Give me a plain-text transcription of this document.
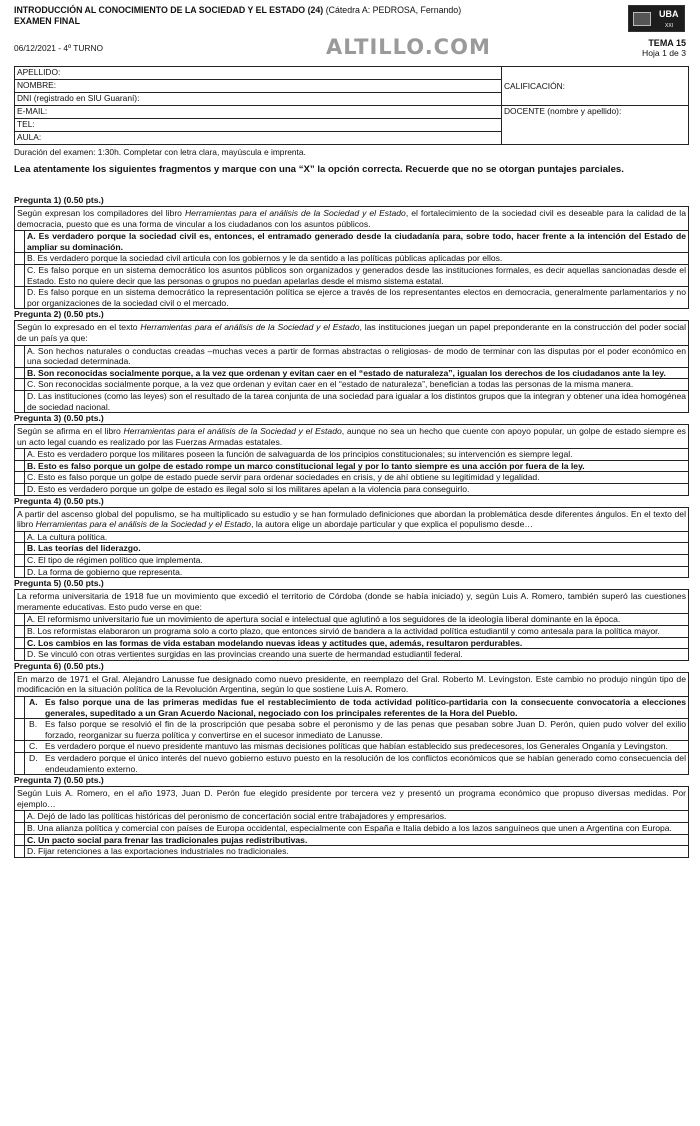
INTRODUCCIÓN AL CONOCIMIENTO DE LA SOCIEDAD Y EL ESTADO (24) (Cátedra A: PEDROSA, Fernando)
EXAMEN FINAL
06/12/2021 - 4º TURNO	ALTILLO.COM
UBA
XXI
TEMA 15
Hoja 1 de 3
APELLIDO:	CALIFICACIÓN:
NOMBRE:	
DNI (registrado en SIU Guaraní):	
E-MAIL:	DOCENTE (nombre y apellido):
TEL:	
AULA:	
Duración del examen: 1:30h. Completar con letra clara, mayúscula e imprenta.
Lea atentamente los siguientes fragmentos y marque con una “X” la opción correcta. Recuerde que no se otorgan puntajes parciales.
Pregunta 1) (0.50 pts.)
Según expresan los compiladores del libro Herramientas para el análisis de la Sociedad y el Estado, el fortalecimiento de la sociedad civil es deseable para la calidad de la democracia, puesto que es una forma de vincular a los ciudadanos con los asuntos públicos.
A. Es verdadero porque la sociedad civil es, entonces, el entramado generado desde la ciudadanía para, sobre todo, hacer frente a la intención del Estado de ampliar su dominación.
B. Es verdadero porque la sociedad civil articula con los gobiernos y le da sentido a las políticas públicas aplicadas por ellos.
C. Es falso porque en un sistema democrático los asuntos públicos son organizados y generados desde las instituciones formales, es decir aquellas sancionadas desde el Estado. Esto no quiere decir que las personas o grupos no puedan apelarlas desde el mismo sistema estatal.
D. Es falso porque en un sistema democrático la representación política se ejerce a través de los representantes electos en democracia, generalmente parlamentarios y no por organizaciones de la sociedad civil o el mercado.
Pregunta 2) (0.50 pts.)
Según lo expresado en el texto Herramientas para el análisis de la Sociedad y el Estado, las instituciones juegan un papel preponderante en la construcción del poder social de un país ya que:
A. Son hechos naturales o conductas creadas –muchas veces a partir de formas abstractas o religiosas- de modo de terminar con las disputas por el poder económico en una sociedad determinada.
B. Son reconocidas socialmente porque, a la vez que ordenan y evitan caer en el “estado de naturaleza”, igualan los derechos de los ciudadanos ante la ley.
C. Son reconocidas socialmente porque, a la vez que ordenan y evitan caer en el “estado de naturaleza”, benefician a todas las personas de la misma manera.
D. Las instituciones (como las leyes) son el resultado de la tarea conjunta de una sociedad para igualar a los distintos grupos que la integran y obtener una idea homogénea de sociedad nacional.
Pregunta 3) (0.50 pts.)
Según se afirma en el libro Herramientas para el análisis de la Sociedad y el Estado, aunque no sea un hecho que cuente con apoyo popular, un golpe de estado siempre es un acto legal cuando es realizado por las Fuerzas Armadas estatales.
A. Esto es verdadero porque los militares poseen la función de salvaguarda de los principios constitucionales; su intervención es siempre legal.
B. Esto es falso porque un golpe de estado rompe un marco constitucional legal y por lo tanto siempre es una acción por fuera de la ley.
C. Esto es falso porque un golpe de estado puede servir para ordenar sociedades en crisis, y de ahí obtiene su legitimidad y legalidad.
D. Esto es verdadero porque un golpe de estado es ilegal solo si los militares apelan a la violencia para conseguirlo.
Pregunta 4) (0.50 pts.)
A partir del ascenso global del populismo, se ha multiplicado su estudio y se han formulado definiciones que abordan la problemática desde diferentes ángulos. En el texto del libro Herramientas para el análisis de la Sociedad y el Estado, la autora elige un abordaje particular y que explica el populismo desde…
A. La cultura política.
B. Las teorías del liderazgo.
C. El tipo de régimen político que implementa.
D. La forma de gobierno que representa.
Pregunta 5) (0.50 pts.)
La reforma universitaria de 1918 fue un movimiento que excedió el territorio de Córdoba (donde se había iniciado) y, según Luis A. Romero, también superó las cuestiones meramente educativas. Esto pudo verse en que:
A. El reformismo universitario fue un movimiento de apertura social e intelectual que aglutinó a los seguidores de la ideología liberal dominante en la época.
B. Los reformistas elaboraron un programa solo a corto plazo, que entonces sirvió de bandera a la actividad política estudiantil y como antesala para la política mayor.
C. Los cambios en las formas de vida estaban modelando nuevas ideas y actitudes que, además, resultaron perdurables.
D. Se vinculó con otras vertientes surgidas en las provincias creando una suerte de hermandad estudiantil federal.
Pregunta 6) (0.50 pts.)
En marzo de 1971 el Gral. Alejandro Lanusse fue designado como nuevo presidente, en reemplazo del Gral. Roberto M. Levingston. Este cambio no produjo ningún tipo de modificación en la situación política de la Revolución Argentina, según lo que sostiene Luis A. Romero.
A. Es falso porque una de las primeras medidas fue el restablecimiento de toda actividad político-partidaria con la consecuente convocatoria a elecciones generales, supeditado a un Gran Acuerdo Nacional, negociado con los principales referentes de la Hora del Pueblo.
B. Es falso porque se resolvió el fin de la proscripción que pesaba sobre el peronismo y de las penas que pesaban sobre Juan D. Perón, quien pudo volver del exilio forzado, reorganizar su fuerza política y convertirse en el sucesor inmediato de Lanusse.
C. Es verdadero porque el nuevo presidente mantuvo las mismas decisiones políticas que habían establecido sus predecesores, los Generales Onganía y Levingston.
D. Es verdadero porque el único interés del nuevo gobierno estuvo puesto en la resolución de los conflictos económicos que se habían generado como consecuencia del endeudamiento externo.
Pregunta 7) (0.50 pts.)
Según Luis A. Romero, en el año 1973, Juan D. Perón fue elegido presidente por tercera vez y presentó un programa económico que propuso diversas medidas. Por ejemplo…
A. Dejó de lado las políticas históricas del peronismo de concertación social entre trabajadores y empresarios.
B. Una alianza política y comercial con países de Europa occidental, especialmente con España e Italia debido a los lazos sanguíneos que unen a Argentina con Europa.
C. Un pacto social para frenar las tradicionales pujas redistributivas.
D. Fijar retenciones a las exportaciones industriales no tradicionales.
